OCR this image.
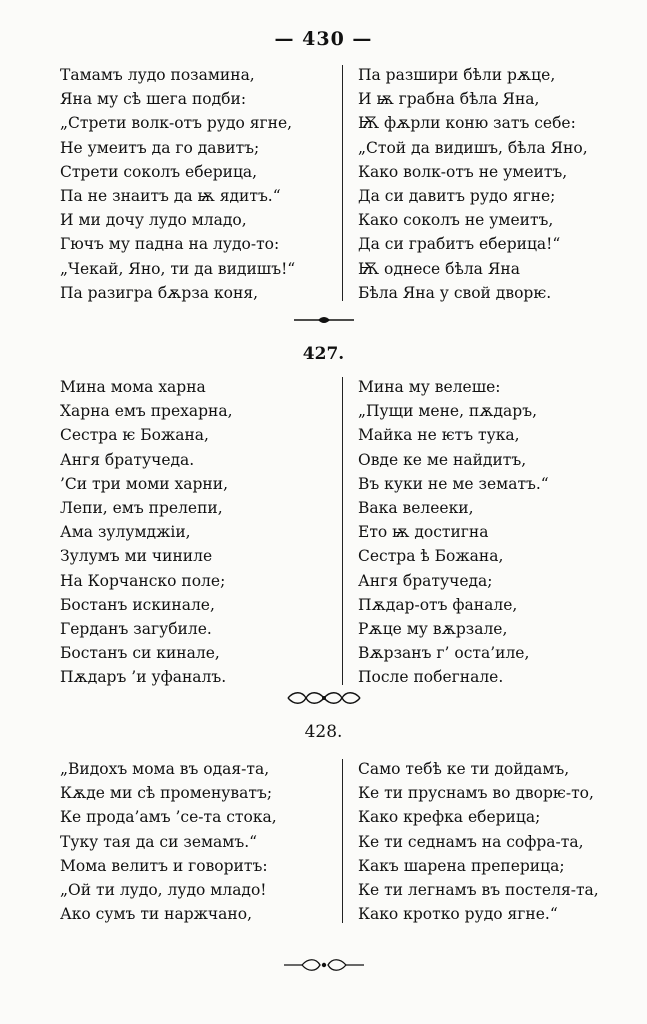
— 430 —
Тамамъ лудо позамина,
Яна му сѣ шега подби:
„Стрети волк-отъ рудо ягне,
Не умеитъ да го давитъ;
Стрети соколъ еберица,
Па не знаитъ да ѭ ядитъ.“
И ми дочу лудо младо,
Гючъ му падна на лудо-то:
„Чекай, Яно, ти да видишъ!“
Па разигра бѫрза коня,
Па разшири бѣли рѫце,
И ѭ грабна бѣла Яна,
Ѭ фѫрли коню затъ себе:
„Стой да видишъ, бѣла Яно,
Како волк-отъ не умеитъ,
Да си давитъ рудо ягне;
Како соколъ не умеитъ,
Да си грабитъ еберица!“
Ѭ однесе бѣла Яна
Бѣла Яна у свой дворѥ.
427.
Мина мома харна
Харна емъ прехарна,
Сестра ѥ Божана,
Ангя братучеда.
’Си три моми харни,
Лепи, емъ прелепи,
Ама зулумджіи,
Зулумъ ми чиниле
На Корчанско поле;
Бостанъ искинале,
Герданъ загубиле.
Бостанъ си кинале,
Пѫдаръ ’и уфаналъ.
Мина му велеше:
„Пущи мене, пѫдаръ,
Майка не ѥтъ тука,
Овде ке ме найдитъ,
Въ куки не ме зематъ.“
Вака велееки,
Ето ѭ достигна
Сестра ѣ Божана,
Ангя братучеда;
Пѫдар-отъ фанале,
Рѫце му вѫрзале,
Вѫрзанъ г’ оста’иле,
После побегнале.
428.
„Видохъ мома въ одая-та,
Кѫде ми сѣ променуватъ;
Ке прода’амъ ’се-та стока,
Туку тая да си земамъ.“
Мома велитъ и говоритъ:
„Ой ти лудо, лудо младо!
Ако сумъ ти наржчано,
Само тебѣ ке ти дойдамъ,
Ке ти пруснамъ во дворѥ-то,
Како крефка еберица;
Ке ти седнамъ на софра-та,
Какъ шарена преперица;
Ке ти легнамъ въ постеля-та,
Како кротко рудо ягне.“
